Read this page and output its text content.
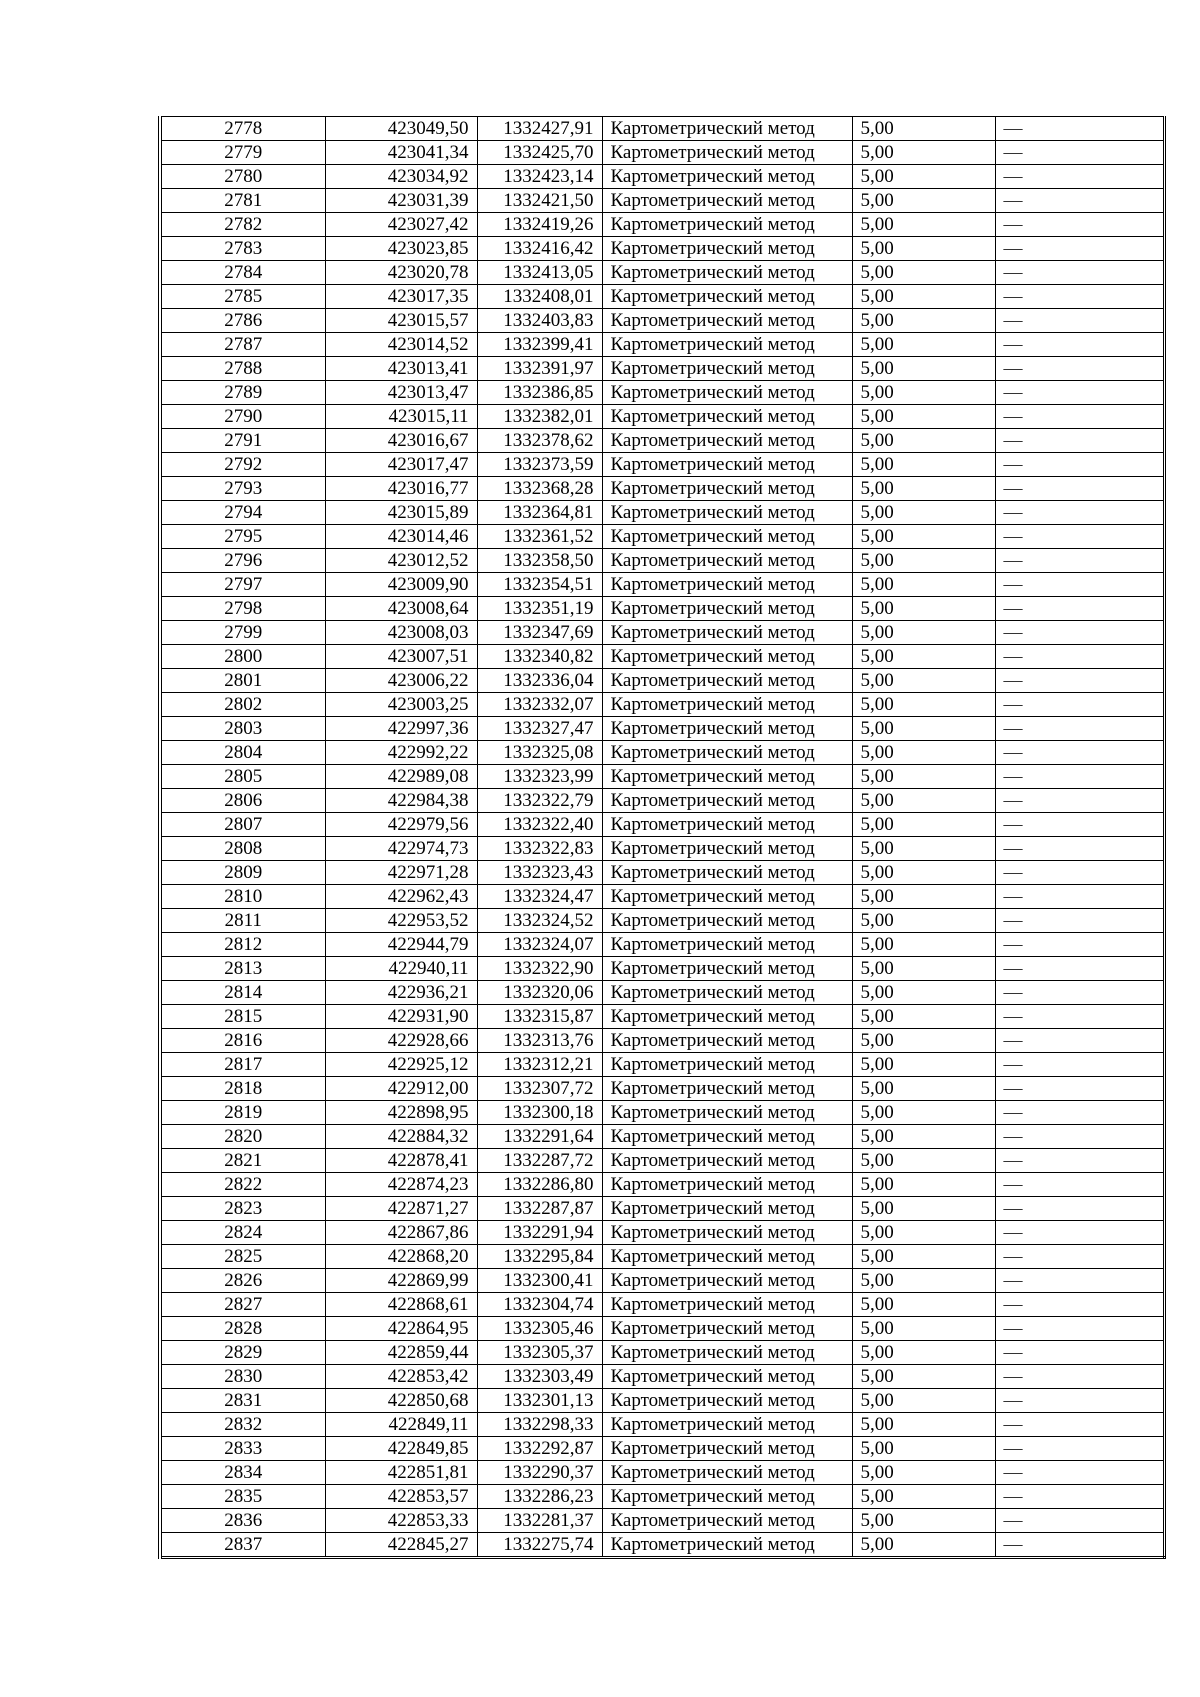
2778	423049,50	1332427,91	Картометрический метод	5,00	—
2779	423041,34	1332425,70	Картометрический метод	5,00	—
2780	423034,92	1332423,14	Картометрический метод	5,00	—
2781	423031,39	1332421,50	Картометрический метод	5,00	—
2782	423027,42	1332419,26	Картометрический метод	5,00	—
2783	423023,85	1332416,42	Картометрический метод	5,00	—
2784	423020,78	1332413,05	Картометрический метод	5,00	—
2785	423017,35	1332408,01	Картометрический метод	5,00	—
2786	423015,57	1332403,83	Картометрический метод	5,00	—
2787	423014,52	1332399,41	Картометрический метод	5,00	—
2788	423013,41	1332391,97	Картометрический метод	5,00	—
2789	423013,47	1332386,85	Картометрический метод	5,00	—
2790	423015,11	1332382,01	Картометрический метод	5,00	—
2791	423016,67	1332378,62	Картометрический метод	5,00	—
2792	423017,47	1332373,59	Картометрический метод	5,00	—
2793	423016,77	1332368,28	Картометрический метод	5,00	—
2794	423015,89	1332364,81	Картометрический метод	5,00	—
2795	423014,46	1332361,52	Картометрический метод	5,00	—
2796	423012,52	1332358,50	Картометрический метод	5,00	—
2797	423009,90	1332354,51	Картометрический метод	5,00	—
2798	423008,64	1332351,19	Картометрический метод	5,00	—
2799	423008,03	1332347,69	Картометрический метод	5,00	—
2800	423007,51	1332340,82	Картометрический метод	5,00	—
2801	423006,22	1332336,04	Картометрический метод	5,00	—
2802	423003,25	1332332,07	Картометрический метод	5,00	—
2803	422997,36	1332327,47	Картометрический метод	5,00	—
2804	422992,22	1332325,08	Картометрический метод	5,00	—
2805	422989,08	1332323,99	Картометрический метод	5,00	—
2806	422984,38	1332322,79	Картометрический метод	5,00	—
2807	422979,56	1332322,40	Картометрический метод	5,00	—
2808	422974,73	1332322,83	Картометрический метод	5,00	—
2809	422971,28	1332323,43	Картометрический метод	5,00	—
2810	422962,43	1332324,47	Картометрический метод	5,00	—
2811	422953,52	1332324,52	Картометрический метод	5,00	—
2812	422944,79	1332324,07	Картометрический метод	5,00	—
2813	422940,11	1332322,90	Картометрический метод	5,00	—
2814	422936,21	1332320,06	Картометрический метод	5,00	—
2815	422931,90	1332315,87	Картометрический метод	5,00	—
2816	422928,66	1332313,76	Картометрический метод	5,00	—
2817	422925,12	1332312,21	Картометрический метод	5,00	—
2818	422912,00	1332307,72	Картометрический метод	5,00	—
2819	422898,95	1332300,18	Картометрический метод	5,00	—
2820	422884,32	1332291,64	Картометрический метод	5,00	—
2821	422878,41	1332287,72	Картометрический метод	5,00	—
2822	422874,23	1332286,80	Картометрический метод	5,00	—
2823	422871,27	1332287,87	Картометрический метод	5,00	—
2824	422867,86	1332291,94	Картометрический метод	5,00	—
2825	422868,20	1332295,84	Картометрический метод	5,00	—
2826	422869,99	1332300,41	Картометрический метод	5,00	—
2827	422868,61	1332304,74	Картометрический метод	5,00	—
2828	422864,95	1332305,46	Картометрический метод	5,00	—
2829	422859,44	1332305,37	Картометрический метод	5,00	—
2830	422853,42	1332303,49	Картометрический метод	5,00	—
2831	422850,68	1332301,13	Картометрический метод	5,00	—
2832	422849,11	1332298,33	Картометрический метод	5,00	—
2833	422849,85	1332292,87	Картометрический метод	5,00	—
2834	422851,81	1332290,37	Картометрический метод	5,00	—
2835	422853,57	1332286,23	Картометрический метод	5,00	—
2836	422853,33	1332281,37	Картометрический метод	5,00	—
2837	422845,27	1332275,74	Картометрический метод	5,00	—
